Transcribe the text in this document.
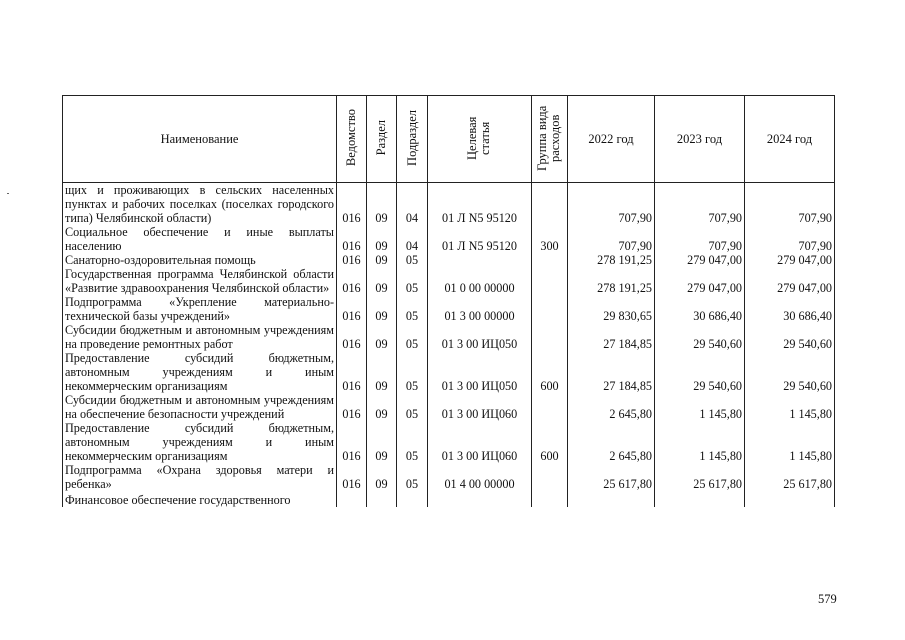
Наименование	Ведомство	Раздел	Подраздел	Целевая статья	Группа вида расходов	2022 год	2023 год	2024 год
щих и проживающих в сельских населенных пунктах и рабочих поселках (поселках городского типа) Челябинской области)	016	09	04	01 Л N5 95120		707,90	707,90	707,90
Социальное обеспечение и иные выплаты населению	016	09	04	01 Л N5 95120	300	707,90	707,90	707,90
Санаторно-оздоровительная помощь	016	09	05			278 191,25	279 047,00	279 047,00
Государственная программа Челябинской области «Развитие здравоохранения Челябинской области»	016	09	05	01 0 00 00000		278 191,25	279 047,00	279 047,00
Подпрограмма «Укрепление материально-технической базы учреждений»	016	09	05	01 3 00 00000		29 830,65	30 686,40	30 686,40
Субсидии бюджетным и автономным учреждениям на проведение ремонтных работ	016	09	05	01 3 00 ИЦ050		27 184,85	29 540,60	29 540,60
Предоставление субсидий бюджетным, автономным учреждениям и иным некоммерческим организациям	016	09	05	01 3 00 ИЦ050	600	27 184,85	29 540,60	29 540,60
Субсидии бюджетным и автономным учреждениям на обеспечение безопасности учреждений	016	09	05	01 3 00 ИЦ060		2 645,80	1 145,80	1 145,80
Предоставление субсидий бюджетным, автономным учреждениям и иным некоммерческим организациям	016	09	05	01 3 00 ИЦ060	600	2 645,80	1 145,80	1 145,80
Подпрограмма «Охрана здоровья матери и ребенка»	016	09	05	01 4 00 00000		25 617,80	25 617,80	25 617,80
Финансовое обеспечение государственного								
579
